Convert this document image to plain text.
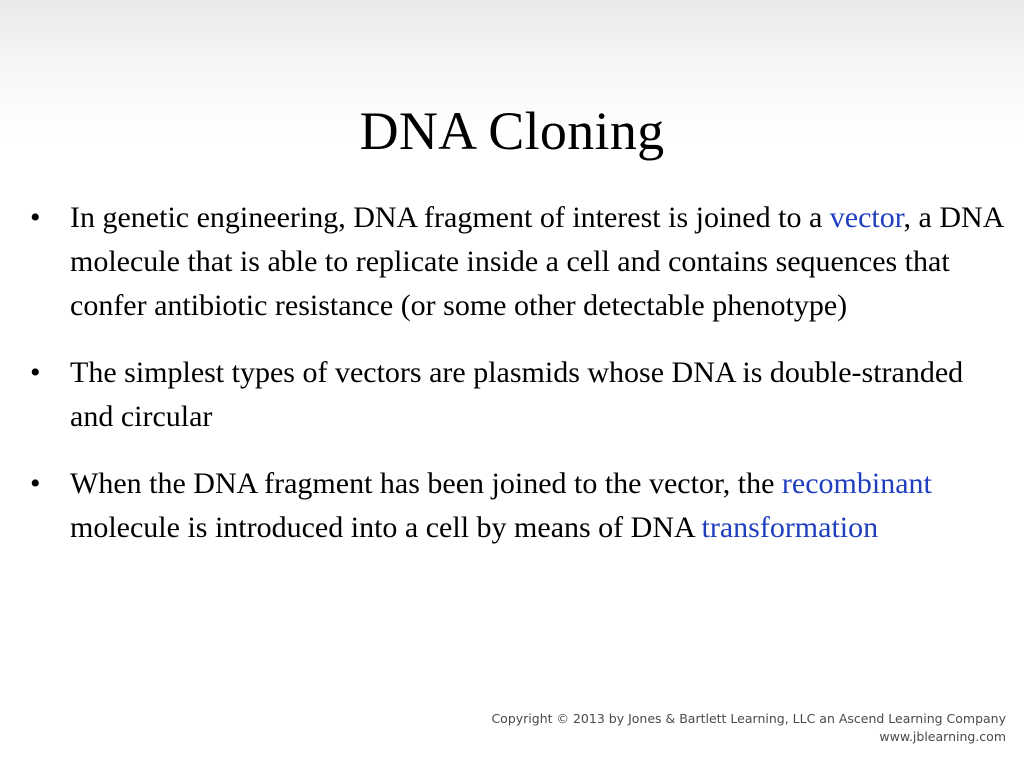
DNA Cloning
• In genetic engineering, DNA fragment of interest is joined to a vector, a DNA molecule that is able to replicate inside a cell and contains sequences that confer antibiotic resistance (or some other detectable phenotype)
• The simplest types of vectors are plasmids whose DNA is double-stranded and circular
• When the DNA fragment has been joined to the vector, the recombinant molecule is introduced into a cell by means of DNA transformation
Copyright © 2013 by Jones & Bartlett Learning, LLC an Ascend Learning Company
www.jblearning.com
